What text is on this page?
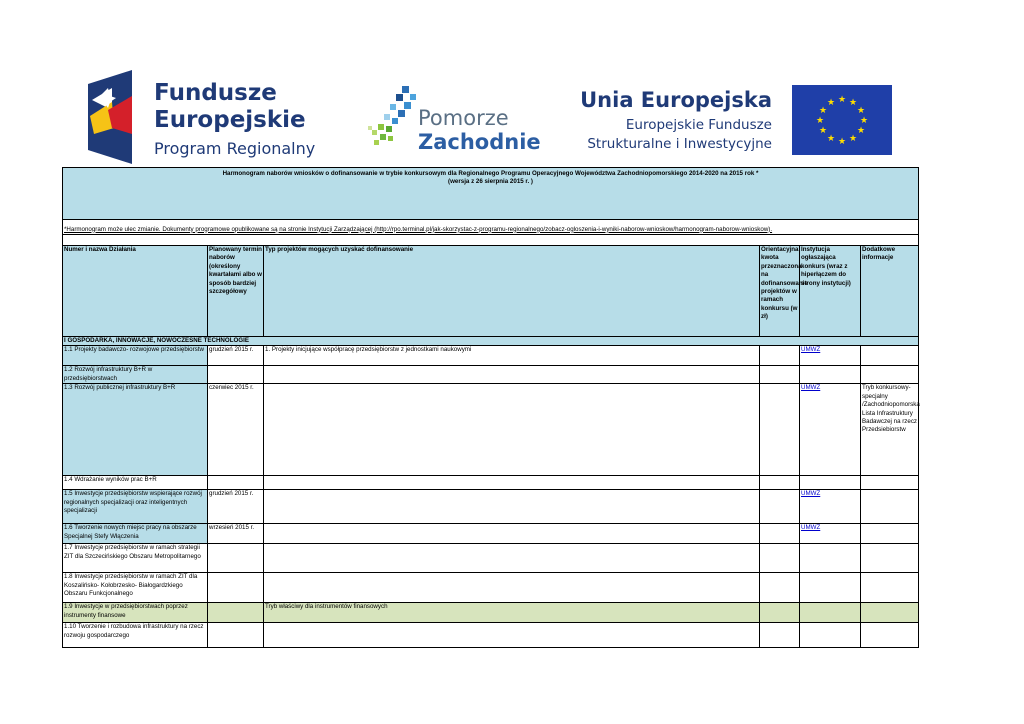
Fundusze
Europejskie
Program Regionalny
Pomorze
Zachodnie
Unia Europejska
Europejskie Fundusze
Strukturalne i Inwestycyjne
★ ★
★
★
★
★
★
★
★
★
★
★
Harmonogram naborów wniosków o dofinansowanie w trybie konkursowym dla Regionalnego Programu Operacyjnego Województwa Zachodniopomorskiego 2014-2020 na 2015 rok *
(wersja z 26 sierpnia 2015 r. )					

*Harmonogram może ulec zmianie. Dokumenty programowe opublikowane są na stronie Instytucji Zarządzającej (http://rpo.terminal.pl/jak-skorzystac-z-programu-regionalnego/zobacz-ogloszenia-i-wyniki-naborow-wnioskow/harmonogram-naborow-wnioskow).					

Numer i nazwa Działania	Planowany termin naborów (określony kwartałami albo w sposób bardziej szczegółowy	Typ projektów mogących uzyskać dofinansowanie	Orientacyjna kwota przeznaczona na dofinansowanie projektów w ramach konkursu (w zł)	Instytucja ogłaszająca konkurs (wraz z hiperłączem do strony instytucji)	Dodatkowe informacje
I GOSPODARKA, INNOWACJE, NOWOCZESNE TECHNOLOGIE					
1.1 Projekty badawczo- rozwojowe przedsiębiorstw	grudzień 2015 r.	1. Projekty inicjujące współpracę przedsiębiorstw z jednostkami naukowymi		UMWZ	
1.2 Rozwój infrastruktury B+R w przedsiębiorstwach					
1.3 Rozwój publicznej infrastruktury B+R	czerwiec 2015 r.			UMWZ	Tryb konkursowy- specjalny /Zachodniopomorska Lista Infrastruktury Badawczej na rzecz Przedsiebiorstw
1.4 Wdrażanie wyników prac B+R					
1.5 Inwestycje przedsiębiorstw wspierające rozwój regionalnych specjalizacji oraz inteligentnych specjalizacji	grudzień 2015 r.			UMWZ	
1.6 Tworzenie nowych miejsc pracy na obszarze Specjalnej Stefy Włączenia	wrzesień 2015 r.			UMWZ	
1.7 Inwestycje przedsiębiorstw w ramach strategii ZIT dla Szczecińskiego Obszaru Metropolitarnego					
1.8 Inwestycje przedsiębiorstw w ramach ZIT dla Koszalińsko- Kołobrzesko- Białogardzkiego Obszaru Funkcjonalnego					
1.9 Inwestycje w przedsiębiorstwach poprzez instrumenty finansowe		Tryb właściwy dla instrumentów finansowych			
1.10 Tworzenie i rozbudowa infrastruktury na rzecz rozwoju gospodarczego					
